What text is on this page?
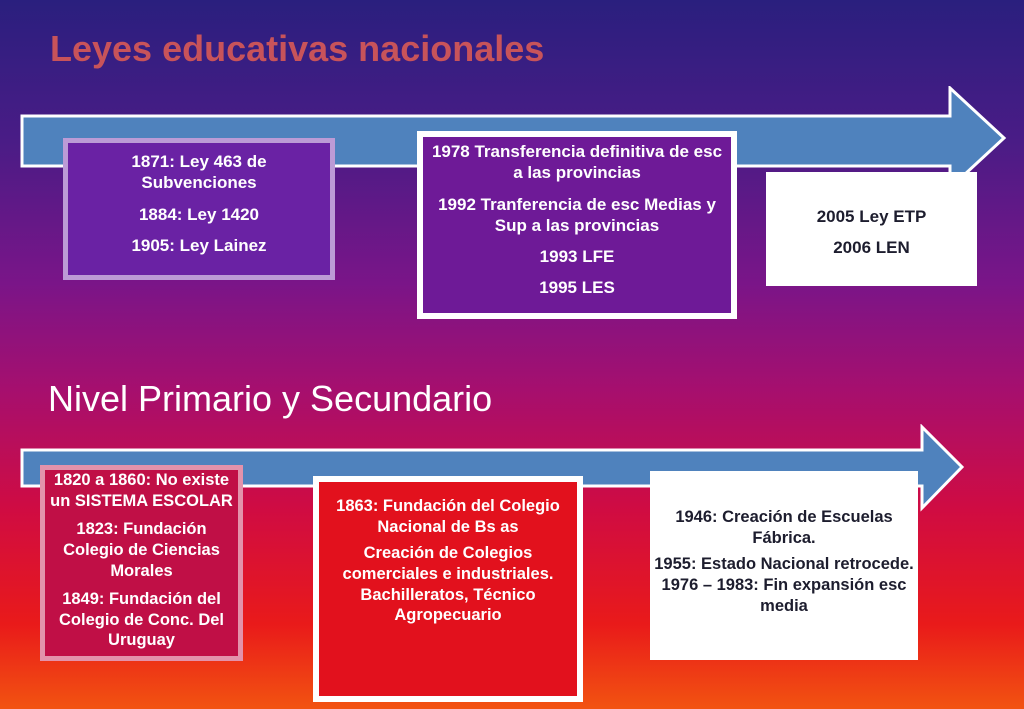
Leyes educativas nacionales

1871: Ley 463 de Subvenciones

1884: Ley 1420

1905: Ley Lainez

1978 Transferencia definitiva de esc a las provincias

1992 Tranferencia de esc Medias y Sup a las provincias

1993 LFE

1995 LES

2005 Ley ETP

2006 LEN

Nivel Primario y Secundario

1820 a 1860: No existe un SISTEMA ESCOLAR

1823: Fundación Colegio de Ciencias Morales

1849: Fundación del Colegio de Conc. Del Uruguay

1863: Fundación del Colegio Nacional de Bs as

Creación de Colegios comerciales e industriales. Bachilleratos, Técnico Agropecuario

1946: Creación de Escuelas Fábrica.

1955: Estado Nacional retrocede.

1976 – 1983: Fin expansión esc media
